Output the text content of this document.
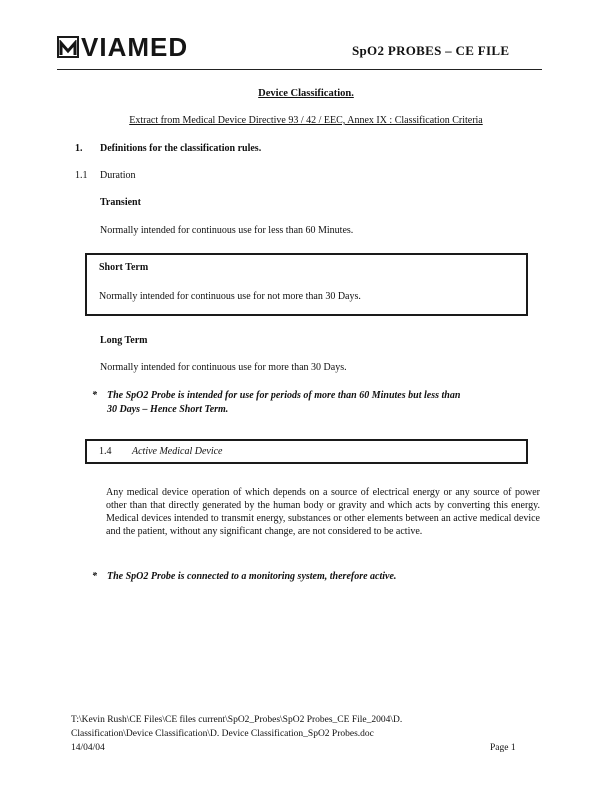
VIAMED	SpO2 PROBES – CE FILE
Device Classification.
Extract from Medical Device Directive 93 / 42 / EEC, Annex IX : Classification Criteria
1. Definitions for the classification rules.
1.1 Duration
Transient
Normally intended for continuous use for less than 60 Minutes.
Short Term
Normally intended for continuous use for not more than 30 Days.
Long Term
Normally intended for continuous use for more than 30 Days.
* The SpO2 Probe is intended for use for periods of more than 60 Minutes but less than
30 Days – Hence Short Term.
1.4 Active Medical Device
Any medical device operation of which depends on a source of electrical energy or any source of power other than that directly generated by the human body or gravity and which acts by converting this energy. Medical devices intended to transmit energy, substances or other elements between an active medical device and the patient, without any significant change, are not considered to be active.
* The SpO2 Probe is connected to a monitoring system, therefore active.
T:\Kevin Rush\CE Files\CE files current\SpO2_Probes\SpO2 Probes_CE File_2004\D.
Classification\Device Classification\D. Device Classification_SpO2 Probes.doc
14/04/04	Page 1
